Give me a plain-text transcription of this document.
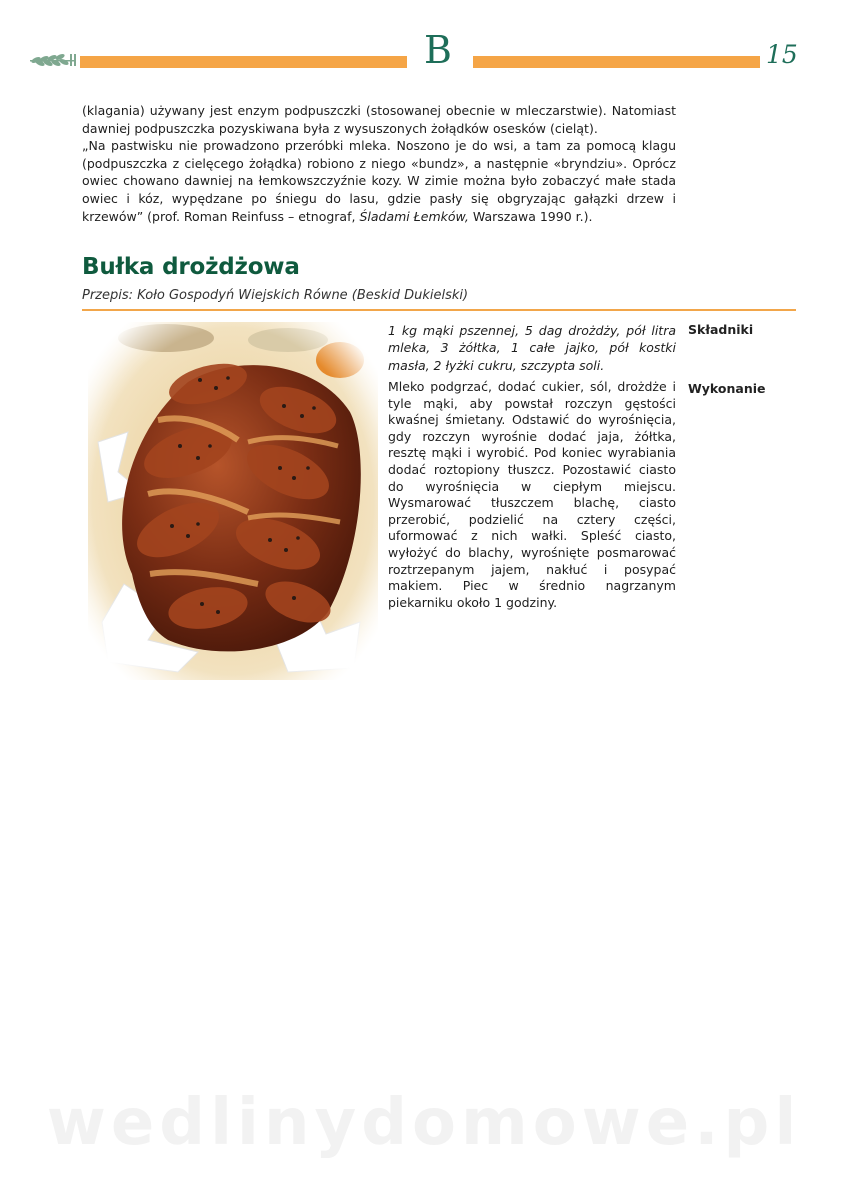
B	15

(klagania) używany jest enzym podpuszczki (stosowanej obecnie w mleczarstwie). Natomiast dawniej podpuszczka pozyskiwana była z wysuszonych żołądków osesków (cieląt).

„Na pastwisku nie prowadzono przeróbki mleka. Noszono je do wsi, a tam za pomocą klagu (podpuszczka z cielęcego żołądka) robiono z niego «bundz», a następnie «bryndziu». Oprócz owiec chowano dawniej na łemkowszczyźnie kozy. W zimie można było zobaczyć małe stada owiec i kóz, wypędzane po śniegu do lasu, gdzie pasły się obgryzając gałązki drzew i krzewów” (prof. Roman Reinfuss – etnograf, Śladami Łemków, Warszawa 1990 r.).

Bułka drożdżowa
Przepis: Koło Gospodyń Wiejskich Równe (Beskid Dukielski)

1 kg mąki pszennej, 5 dag drożdży, pół litra mleka, 3 żółtka, 1 całe jajko, pół kostki masła, 2 łyżki cukru, szczypta soli.

Składniki

Mleko podgrzać, dodać cukier, sól, drożdże i tyle mąki, aby powstał rozczyn gęstości kwaśnej śmietany. Odstawić do wyrośnięcia, gdy rozczyn wyrośnie dodać jaja, żółtka, resztę mąki i wyrobić. Pod koniec wyrabiania dodać roztopiony tłuszcz. Pozostawić ciasto do wyrośnięcia w ciepłym miejscu. Wysmarować tłuszczem blachę, ciasto przerobić, podzielić na cztery części, uformować z nich wałki. Spleść ciasto, wyłożyć do blachy, wyrośnięte posmarować roztrzepanym jajem, nakłuć i posypać makiem. Piec w średnio nagrzanym piekarniku około 1 godziny.

Wykonanie
wedlinydomowe.pl
